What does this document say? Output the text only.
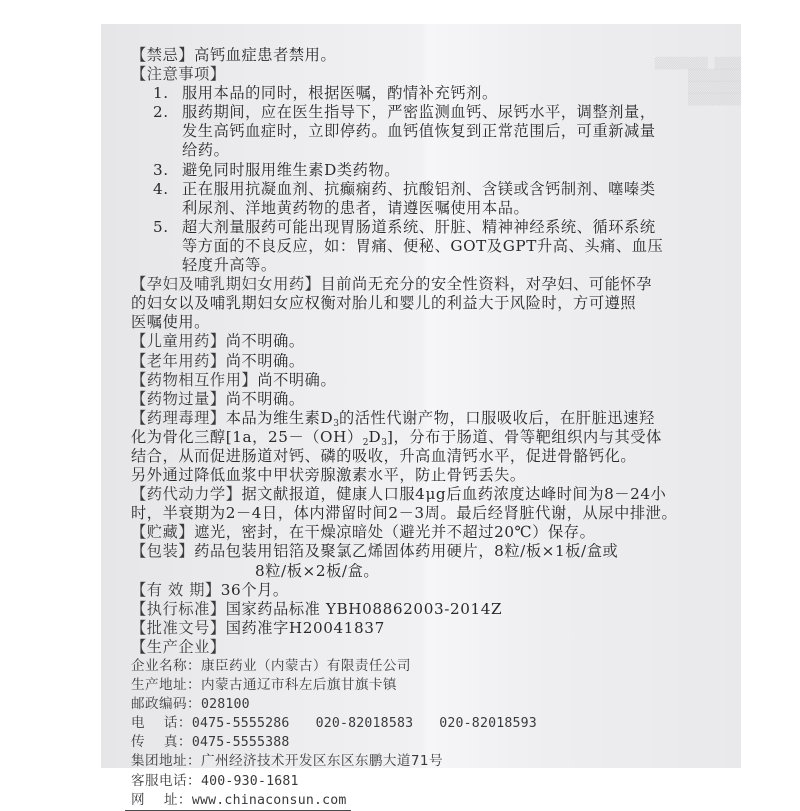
▒▒▒▒ ▒▒▒▒▒▒▒▒
▒▒▒▒▒▒▒▒
▒▒▒▒▒▒▒▒
▒▒▒▒▒▒▒▒
【禁忌】高钙血症患者禁用。
【注意事项】
1. 服用本品的同时，根据医嘱，酌情补充钙剂。
2. 服药期间，应在医生指导下，严密监测血钙、尿钙水平，调整剂量，
发生高钙血症时，立即停药。血钙值恢复到正常范围后，可重新减量
给药。
3. 避免同时服用维生素D类药物。
4. 正在服用抗凝血剂、抗癫痫药、抗酸铝剂、含镁或含钙制剂、噻嗪类
利尿剂、洋地黄药物的患者，请遵医嘱使用本品。
5. 超大剂量服药可能出现胃肠道系统、肝脏、精神神经系统、循环系统
等方面的不良反应，如：胃痛、便秘、GOT及GPT升高、头痛、血压
轻度升高等。
【孕妇及哺乳期妇女用药】目前尚无充分的安全性资料，对孕妇、可能怀孕
的妇女以及哺乳期妇女应权衡对胎儿和婴儿的利益大于风险时，方可遵照
医嘱使用。
【儿童用药】尚不明确。
【老年用药】尚不明确。
【药物相互作用】尚不明确。
【药物过量】尚不明确。
【药理毒理】本品为维生素$D_3$的活性代谢产物，口服吸收后，在肝脏迅速羟
化为骨化三醇[1a，$25-(OH)_2D_3$]，分布于肠道、骨等靶组织内与其受体
结合，从而促进肠道对钙、磷的吸收，升高血清钙水平，促进骨骼钙化。
另外通过降低血浆中甲状旁腺激素水平，防止骨钙丢失。
【药代动力学】据文献报道，健康人口服4μg后血药浓度达峰时间为8－24小
时，半衰期为2－4日，体内滞留时间2－3周。最后经肾脏代谢，从尿中排泄。
【贮藏】遮光，密封，在干燥凉暗处（避光并不超过20℃）保存。
【包装】药品包装用铝箔及聚氯乙烯固体药用硬片，8粒/板×1板/盒或
8粒/板×2板/盒。
【有 效 期】36个月。
【执行标准】国家药品标准 YBH08862003-2014Z
【批准文号】国药准字H20041837
【生产企业】
企业名称：康臣药业（内蒙古）有限责任公司
生产地址：内蒙古通辽市科左后旗甘旗卡镇
邮政编码：028100
电    话：0475-5555286 020-82018583 020-82018593
传    真：0475-5555388
集团地址：广州经济技术开发区东区东鹏大道71号
客服电话：400-930-1681
网    址：www.chinaconsun.com
